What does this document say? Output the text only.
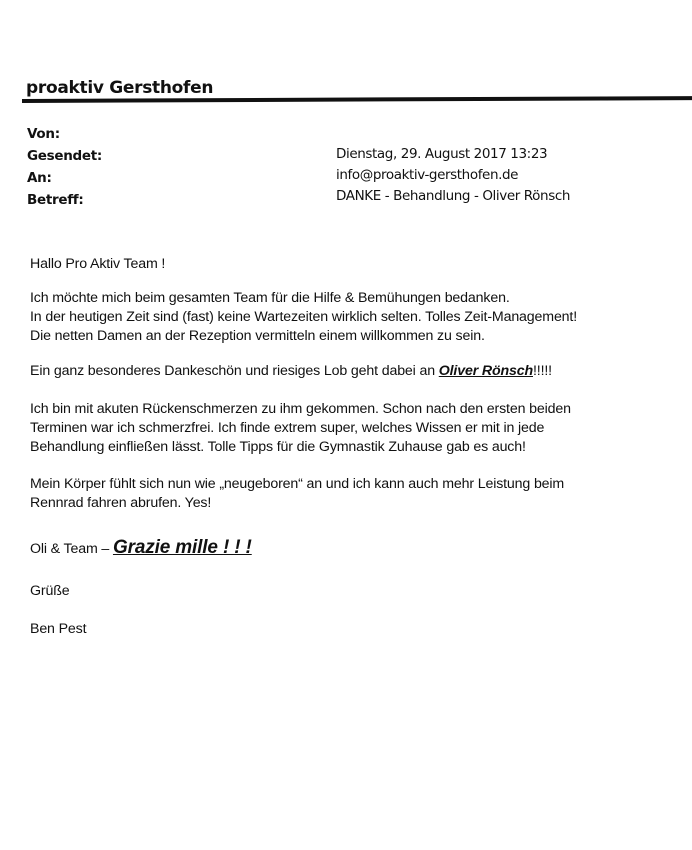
proaktiv Gersthofen
Von:
Gesendet:	Dienstag, 29. August 2017 13:23
An:	info@proaktiv-gersthofen.de
Betreff:	DANKE - Behandlung - Oliver Rönsch
Hallo Pro Aktiv Team !
Ich möchte mich beim gesamten Team für die Hilfe & Bemühungen bedanken.
In der heutigen Zeit sind (fast) keine Wartezeiten wirklich selten. Tolles Zeit-Management!
Die netten Damen an der Rezeption vermitteln einem willkommen zu sein.
Ein ganz besonderes Dankeschön und riesiges Lob geht dabei an Oliver Rönsch!!!!!
Ich bin mit akuten Rückenschmerzen zu ihm gekommen. Schon nach den ersten beiden
Terminen war ich schmerzfrei. Ich finde extrem super, welches Wissen er mit in jede
Behandlung einfließen lässt. Tolle Tipps für die Gymnastik Zuhause gab es auch!
Mein Körper fühlt sich nun wie „neugeboren“ an und ich kann auch mehr Leistung beim
Rennrad fahren abrufen. Yes!
Oli & Team – Grazie mille ! ! !
Grüße
Ben Pest
